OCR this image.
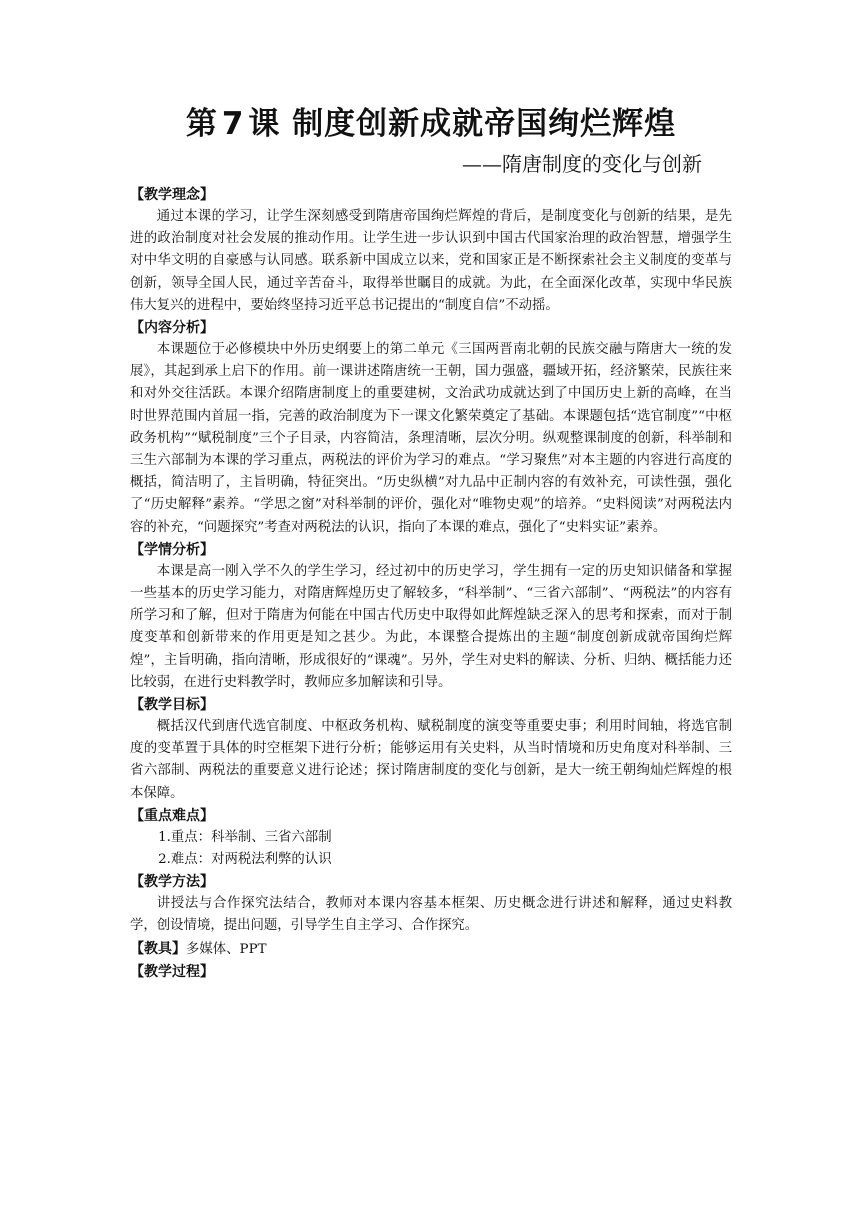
第 7 课 制度创新成就帝国绚烂辉煌
——隋唐制度的变化与创新

【教学理念】

通过本课的学习，让学生深刻感受到隋唐帝国绚烂辉煌的背后，是制度变化与创新的结果，是先进的政治制度对社会发展的推动作用。让学生进一步认识到中国古代国家治理的政治智慧，增强学生对中华文明的自豪感与认同感。联系新中国成立以来，党和国家正是不断探索社会主义制度的变革与创新，领导全国人民，通过辛苦奋斗，取得举世瞩目的成就。为此，在全面深化改革，实现中华民族伟大复兴的进程中，要始终坚持习近平总书记提出的“制度自信”不动摇。

【内容分析】

本课题位于必修模块中外历史纲要上的第二单元《三国两晋南北朝的民族交融与隋唐大一统的发展》，其起到承上启下的作用。前一课讲述隋唐统一王朝，国力强盛，疆域开拓，经济繁荣，民族往来和对外交往活跃。本课介绍隋唐制度上的重要建树，文治武功成就达到了中国历史上新的高峰，在当时世界范围内首屈一指，完善的政治制度为下一课文化繁荣奠定了基础。本课题包括“选官制度”“中枢政务机构”“赋税制度”三个子目录，内容简洁，条理清晰，层次分明。纵观整课制度的创新，科举制和三生六部制为本课的学习重点，两税法的评价为学习的难点。“学习聚焦”对本主题的内容进行高度的概括，简洁明了，主旨明确，特征突出。“历史纵横”对九品中正制内容的有效补充，可读性强，强化了“历史解释”素养。“学思之窗”对科举制的评价，强化对“唯物史观”的培养。“史料阅读”对两税法内容的补充，“问题探究”考查对两税法的认识，指向了本课的难点，强化了“史料实证”素养。

【学情分析】

本课是高一刚入学不久的学生学习，经过初中的历史学习，学生拥有一定的历史知识储备和掌握一些基本的历史学习能力，对隋唐辉煌历史了解较多，“科举制”、“三省六部制”、“两税法”的内容有所学习和了解，但对于隋唐为何能在中国古代历史中取得如此辉煌缺乏深入的思考和探索，而对于制度变革和创新带来的作用更是知之甚少。为此，本课整合提炼出的主题“制度创新成就帝国绚烂辉煌”，主旨明确，指向清晰，形成很好的“课魂”。另外，学生对史料的解读、分析、归纳、概括能力还比较弱，在进行史料教学时，教师应多加解读和引导。

【教学目标】

概括汉代到唐代选官制度、中枢政务机构、赋税制度的演变等重要史事；利用时间轴，将选官制度的变革置于具体的时空框架下进行分析；能够运用有关史料，从当时情境和历史角度对科举制、三省六部制、两税法的重要意义进行论述；探讨隋唐制度的变化与创新，是大一统王朝绚灿烂辉煌的根本保障。

【重点难点】

1.重点：科举制、三省六部制

2.难点：对两税法利弊的认识

【教学方法】

讲授法与合作探究法结合，教师对本课内容基本框架、历史概念进行讲述和解释，通过史料教学，创设情境，提出问题，引导学生自主学习、合作探究。

【教具】多媒体、PPT

【教学过程】
